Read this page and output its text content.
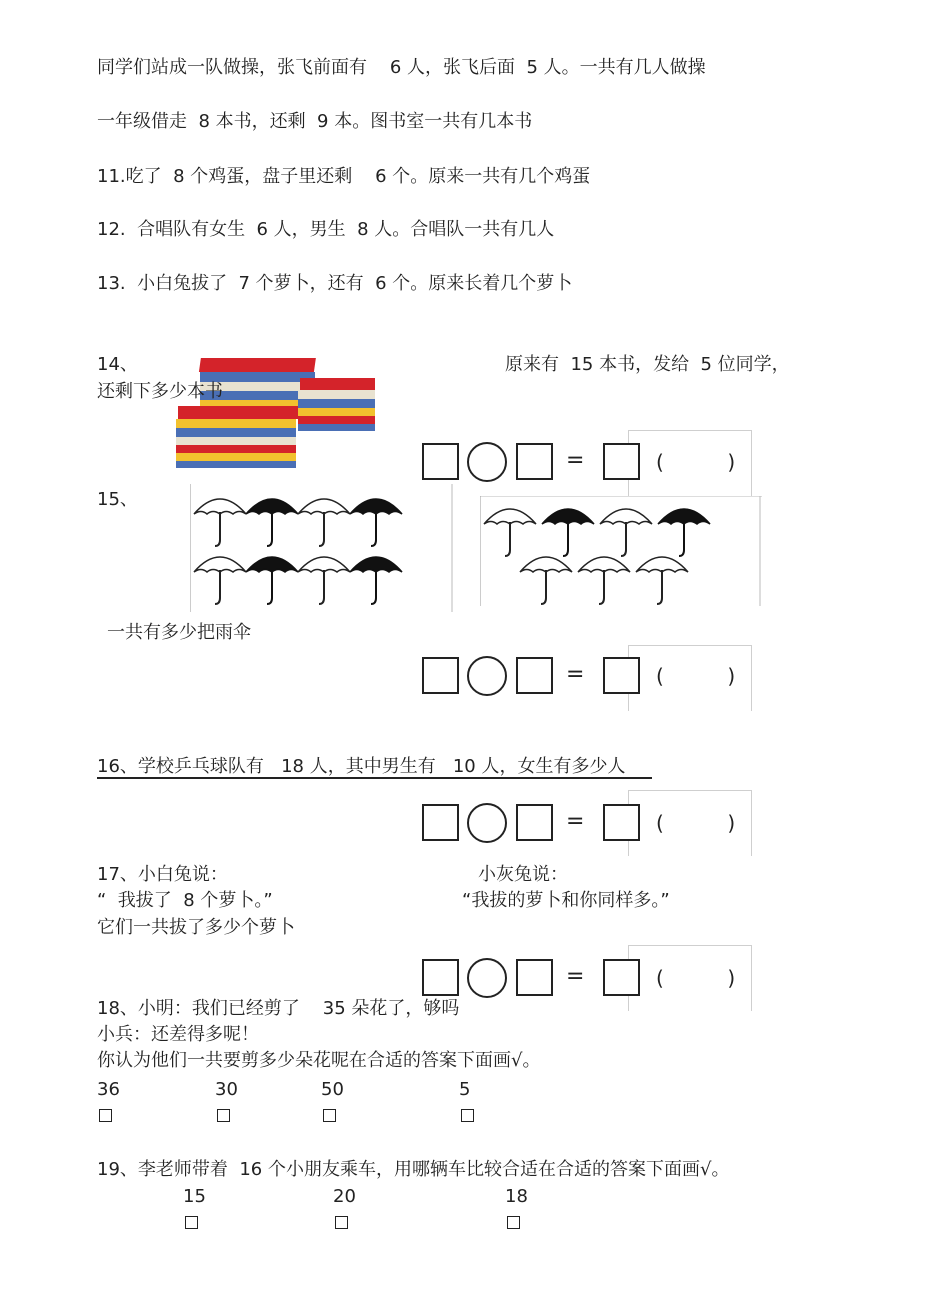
同学们站成一队做操，张飞前面有    6 人，张飞后面  5 人。一共有几人做操
一年级借走  8 本书，还剩  9 本。图书室一共有几本书
11.吃了  8 个鸡蛋，盘子里还剩    6 个。原来一共有几个鸡蛋
12.  合唱队有女生  6 人，男生  8 人。合唱队一共有几人
13.  小白兔拔了  7 个萝卜，还有  6 个。原来长着几个萝卜
14、	原来有  15 本书，发给  5 位同学，
还剩下多少本书
=	(          )
15、
一共有多少把雨伞
=	(          )
16、学校乒乓球队有   18 人，其中男生有   10 人，女生有多少人
=	(          )
17、小白兔说：
“  我拔了  8 个萝卜。”
小灰兔说：
“我拔的萝卜和你同样多。”
它们一共拔了多少个萝卜
=	(          )
18、小明：我们已经剪了    35 朵花了，够吗
小兵：还差得多呢！
你认为他们一共要剪多少朵花呢在合适的答案下面画√。
36	30	50	5
19、李老师带着  16 个小朋友乘车，用哪辆车比较合适在合适的答案下面画√。
15	20	18
